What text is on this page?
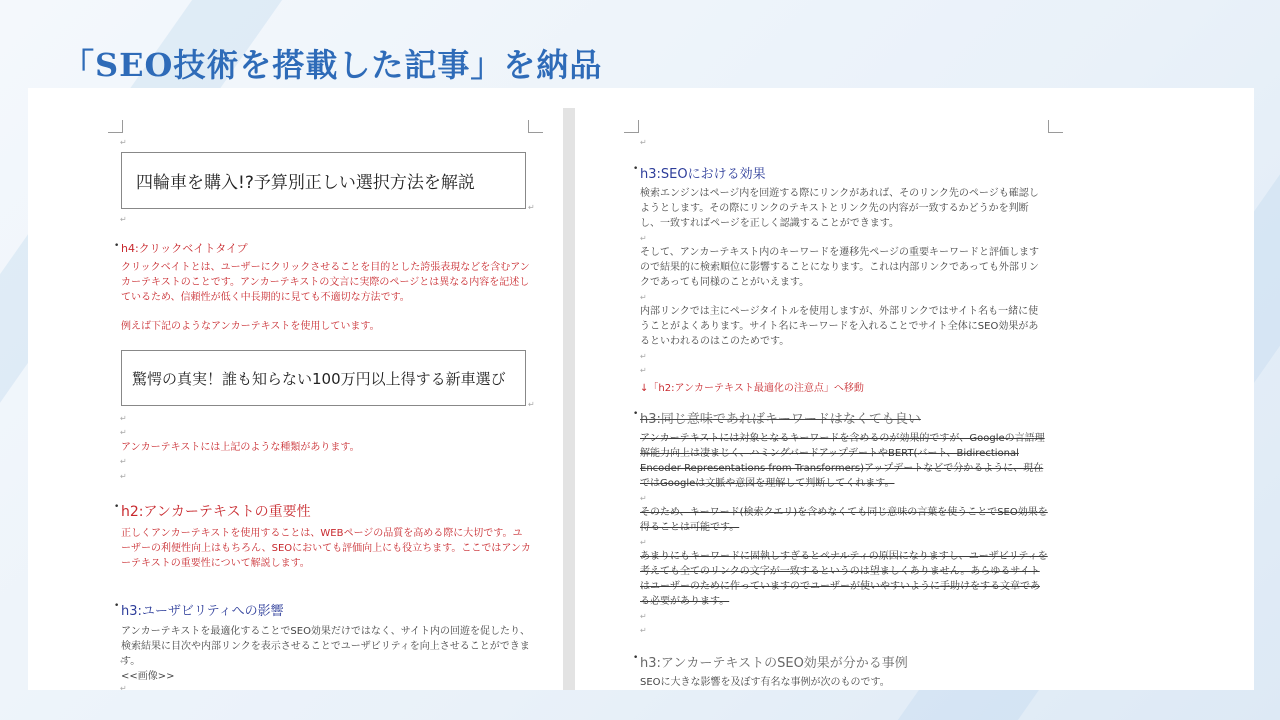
「SEO技術を搭載した記事」を納品
↵
四輪車を購入!?予算別正しい選択方法を解説
↵
↵
• h4:クリックベイトタイプ

クリックベイトとは、ユーザーにクリックさせることを目的とした誇張表現などを含むアンカーテキストのことです。アンカーテキストの文言に実際のページとは異なる内容を記述しているため、信頼性が低く中長期的に見ても不適切な方法です。

例えば下記のようなアンカーテキストを使用しています。

驚愕の真実！誰も知らない100万円以上得する新車選び
↵
↵
↵

アンカーテキストには上記のような種類があります。

↵
↵
• h2:アンカーテキストの重要性

正しくアンカーテキストを使用することは、WEBページの品質を高める際に大切です。ユーザーの利便性向上はもちろん、SEOにおいても評価向上にも役立ちます。ここではアンカーテキストの重要性について解説します。

• h3:ユーザビリティへの影響

アンカーテキストを最適化することでSEO効果だけではなく、サイト内の回遊を促したり、検索結果に目次や内部リンクを表示させることでユーザビリティを向上させることができます。

↵

<<画像>>

↵
↵
• h3:SEOにおける効果

検索エンジンはページ内を回遊する際にリンクがあれば、そのリンク先のページも確認しようとします。その際にリンクのテキストとリンク先の内容が一致するかどうかを判断し、一致すればページを正しく認識することができます。

↵

そして、アンカーテキスト内のキーワードを遷移先ページの重要キーワードと評価しますので結果的に検索順位に影響することになります。これは内部リンクであっても外部リンクであっても同様のことがいえます。

↵

内部リンクでは主にページタイトルを使用しますが、外部リンクではサイト名も一緒に使うことがよくあります。サイト名にキーワードを入れることでサイト全体にSEO効果があるといわれるのはこのためです。

↵
↵
↓「h2:アンカーテキスト最適化の注意点」へ移動
• h3:同じ意味であればキーワードはなくても良い

アンカーテキストには対象となるキーワードを含めるのが効果的ですが、Googleの言語理解能力向上は凄まじく、ハミングバードアップデートやBERT(バート、Bidirectional Encoder Representations from Transformers)アップデートなどで分かるように、現在ではGoogleは文脈や意図を理解して判断してくれます。

↵

そのため、キーワード(検索クエリ)を含めなくても同じ意味の言葉を使うことでSEO効果を得ることは可能です。

↵

あまりにもキーワードに固執しすぎるとペナルティの原因になりますし、ユーザビリティを考えても全てのリンクの文字が一致するというのは望ましくありません。あらゆるサイトはユーザーのために作っていますのでユーザーが使いやすいように手助けをする文章である必要があります。

↵
↵
• h3:アンカーテキストのSEO効果が分かる事例

SEOに大きな影響を及ぼす有名な事例が次のものです。
